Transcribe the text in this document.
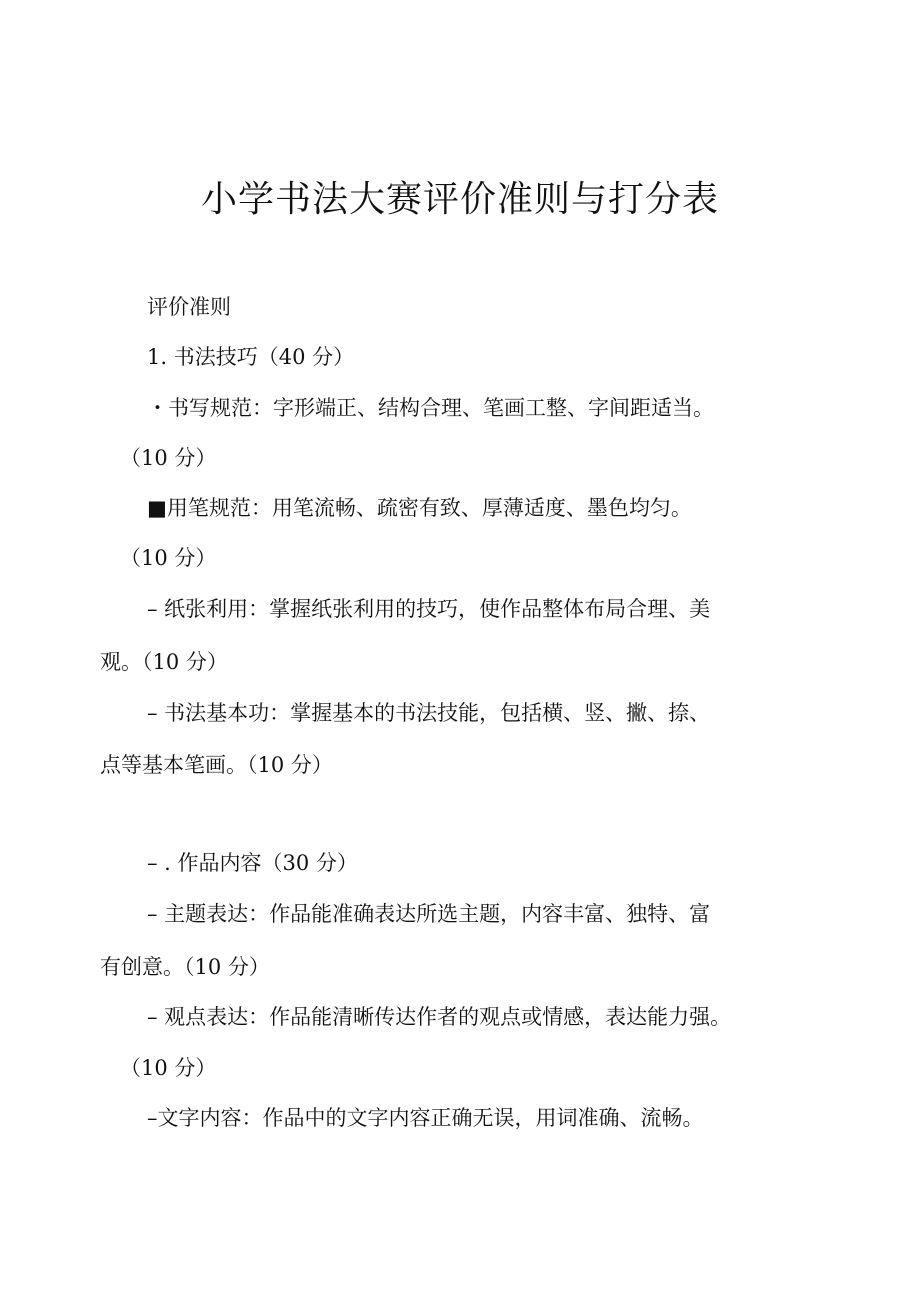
小学书法大赛评价准则与打分表
评价准则
1. 书法技巧（40 分）
・书写规范：字形端正、结构合理、笔画工整、字间距适当。
（10 分）
■用笔规范：用笔流畅、疏密有致、厚薄适度、墨色均匀。
（10 分）
– 纸张利用：掌握纸张利用的技巧，使作品整体布局合理、美
观。（10 分）
– 书法基本功：掌握基本的书法技能，包括横、竖、撇、捺、
点等基本笔画。（10 分）
– . 作品内容（30 分）
– 主题表达：作品能准确表达所选主题，内容丰富、独特、富
有创意。（10 分）
– 观点表达：作品能清晰传达作者的观点或情感，表达能力强。
（10 分）
–文字内容：作品中的文字内容正确无误，用词准确、流畅。
